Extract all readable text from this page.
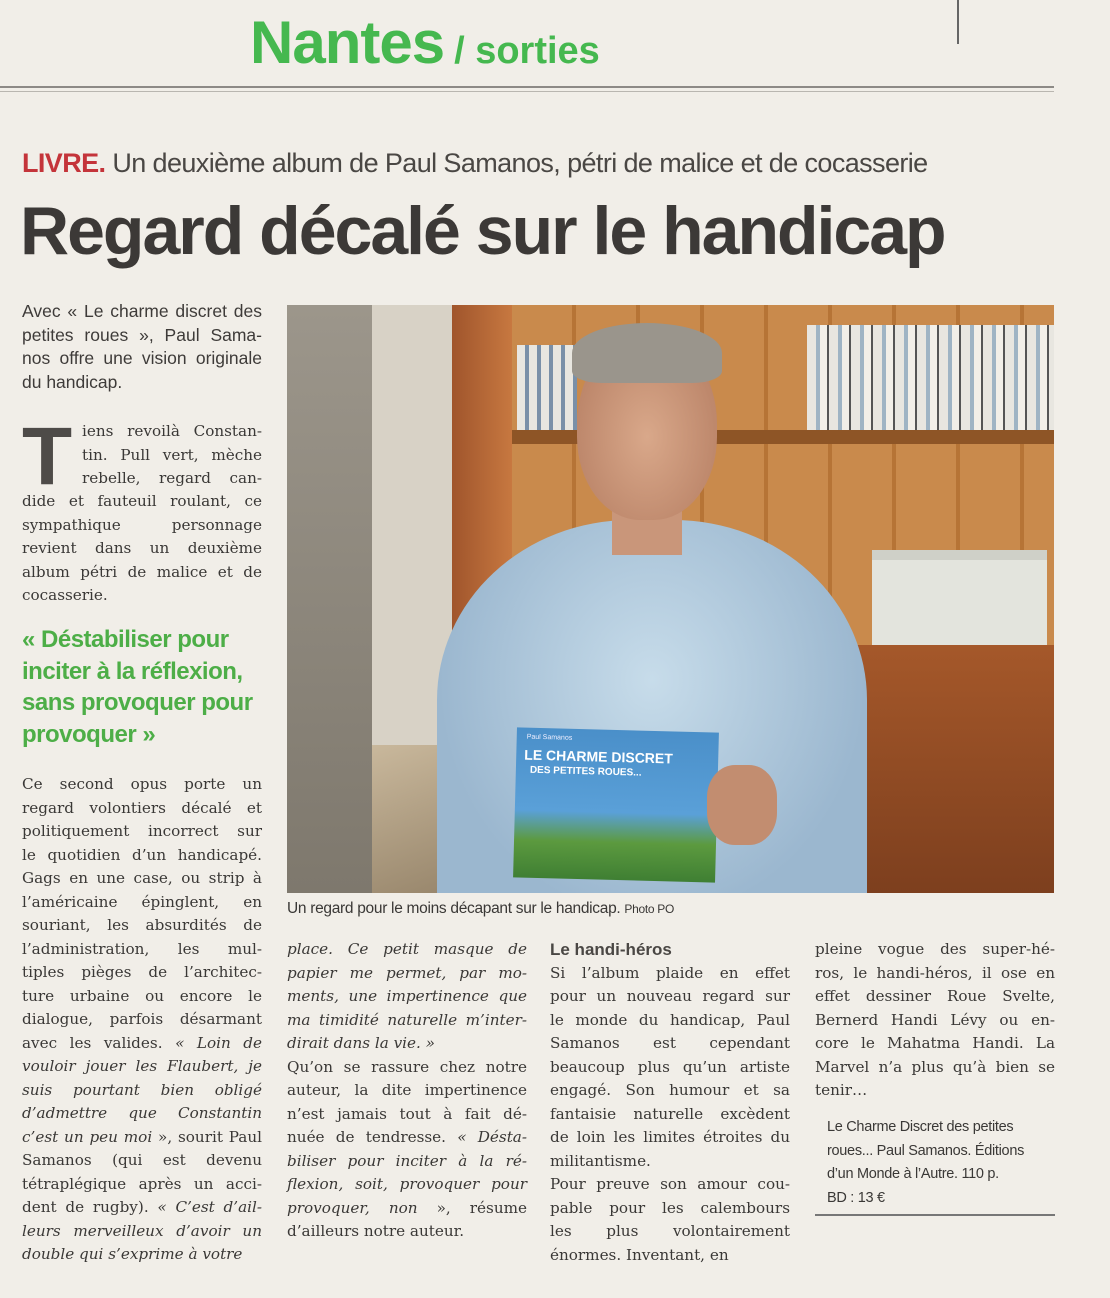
Nantes / sorties
LIVRE. Un deuxième album de Paul Samanos, pétri de malice et de cocasserie
Regard décalé sur le handicap
Avec « Le charme discret des
petites roues », Paul Sama-
nos offre une vision originale
du handicap.
T iens revoilà Constan-
tin. Pull vert, mèche
rebelle, regard can-
dide et fauteuil roulant, ce
sympathique personnage
revient dans un deuxième
album pétri de malice et de
cocasserie.
« Déstabiliser pour
inciter à la réflexion,
sans provoquer pour
provoquer »
Ce second opus porte un
regard volontiers décalé et
politiquement incorrect sur
le quotidien d’un handicapé.
Gags en une case, ou strip à
l’américaine épinglent, en
souriant, les absurdités de
l’administration, les mul-
tiples pièges de l’architec-
ture urbaine ou encore le
dialogue, parfois désarmant
avec les valides. « Loin de
vouloir jouer les Flaubert, je
suis pourtant bien obligé
d’admettre que Constantin
c’est un peu moi », sourit Paul
Samanos (qui est devenu
tétraplégique après un acci-
dent de rugby). « C’est d’ail-
leurs merveilleux d’avoir un
double qui s’exprime à votre
Paul Samanos
LE CHARME DISCRET
DES PETITES ROUES...
Un regard pour le moins décapant sur le handicap. Photo PO
place. Ce petit masque de
papier me permet, par mo-
ments, une impertinence que
ma timidité naturelle m’inter-
dirait dans la vie. »
Qu’on se rassure chez notre
auteur, la dite impertinence
n’est jamais tout à fait dé-
nuée de tendresse. « Désta-
biliser pour inciter à la ré-
flexion, soit, provoquer pour
provoquer, non », résume
d’ailleurs notre auteur.
Le handi-héros
Si l’album plaide en effet
pour un nouveau regard sur
le monde du handicap, Paul
Samanos est cependant
beaucoup plus qu’un artiste
engagé. Son humour et sa
fantaisie naturelle excèdent
de loin les limites étroites du
militantisme.
Pour preuve son amour cou-
pable pour les calembours
les plus volontairement
énormes. Inventant, en
pleine vogue des super-hé-
ros, le handi-héros, il ose en
effet dessiner Roue Svelte,
Bernerd Handi Lévy ou en-
core le Mahatma Handi. La
Marvel n’a plus qu’à bien se
tenir…
Le Charme Discret des petites
roues... Paul Samanos. Éditions
d’un Monde à l’Autre. 110 p.
BD : 13 €
